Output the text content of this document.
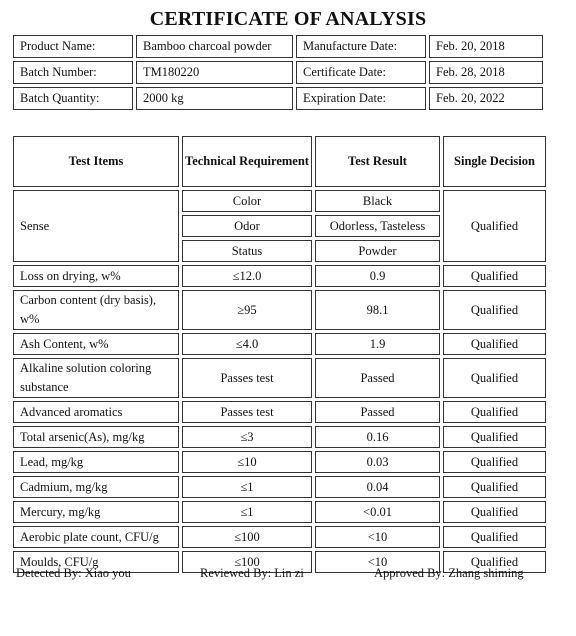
CERTIFICATE OF ANALYSIS
Product Name:	Bamboo charcoal powder	Manufacture Date:	Feb. 20, 2018
Batch Number:	TM180220	Certificate Date:	Feb. 28, 2018
Batch Quantity:	2000 kg	Expiration Date:	Feb. 20, 2022
Test Items	Technical Requirement	Test Result	Single Decision
Sense	Color	Black	Qualified
	Odor	Odorless, Tasteless	
	Status	Powder	
Loss on drying, w%	≤12.0	0.9	Qualified
Carbon content (dry basis), w%	≥95	98.1	Qualified
Ash Content, w%	≤4.0	1.9	Qualified
Alkaline solution coloring substance	Passes test	Passed	Qualified
Advanced aromatics	Passes test	Passed	Qualified
Total arsenic(As), mg/kg	≤3	0.16	Qualified
Lead, mg/kg	≤10	0.03	Qualified
Cadmium, mg/kg	≤1	0.04	Qualified
Mercury, mg/kg	≤1	<0.01	Qualified
Aerobic plate count, CFU/g	≤100	<10	Qualified
Moulds, CFU/g	≤100	<10	Qualified
Detected By: Xiao you	Reviewed By: Lin zi	Approved By: Zhang shiming
